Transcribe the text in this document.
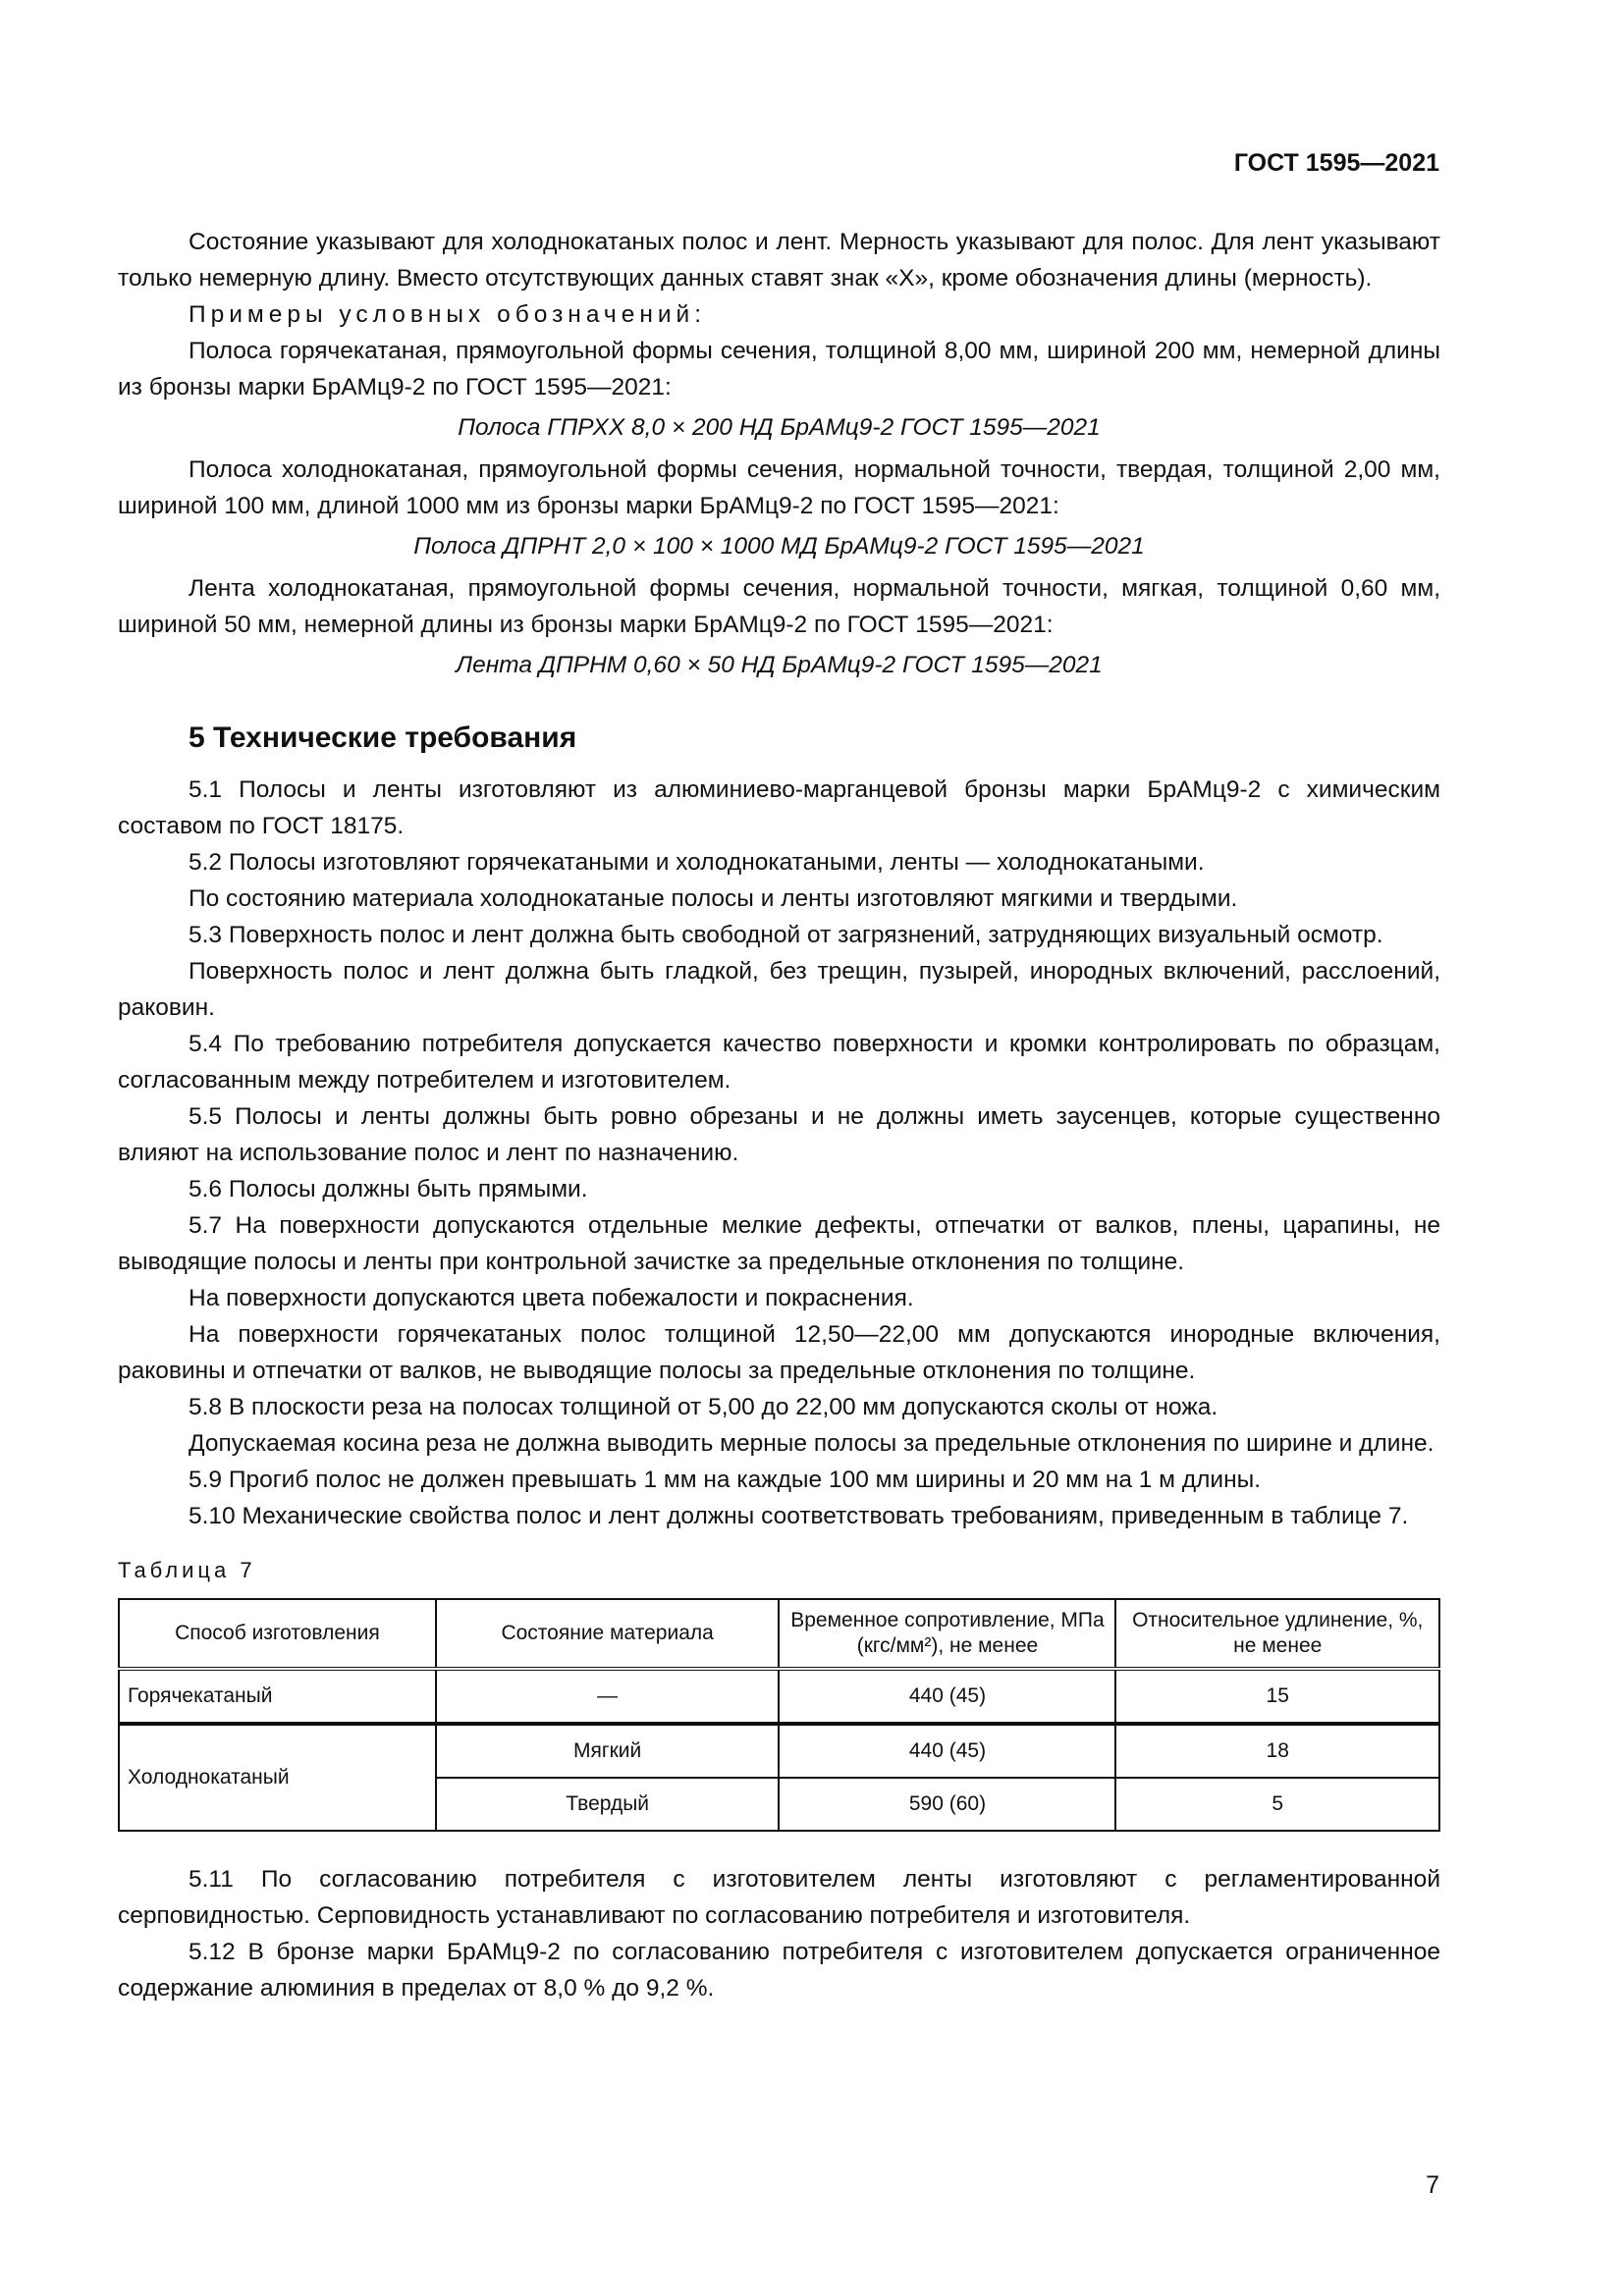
ГОСТ 1595—2021

Состояние указывают для холоднокатаных полос и лент. Мерность указывают для полос. Для лент указывают только немерную длину. Вместо отсутствующих данных ставят знак «Х», кроме обозначения длины (мерность).

Примеры условных обозначений:

Полоса горячекатаная, прямоугольной формы сечения, толщиной 8,00 мм, шириной 200 мм, немерной длины из бронзы марки БрАМц9-2 по ГОСТ 1595—2021:

Полоса ГПРХХ 8,0 × 200 НД БрАМц9-2 ГОСТ 1595—2021

Полоса холоднокатаная, прямоугольной формы сечения, нормальной точности, твердая, толщиной 2,00 мм, шириной 100 мм, длиной 1000 мм из бронзы марки БрАМц9-2 по ГОСТ 1595—2021:

Полоса ДПРНТ 2,0 × 100 × 1000 МД БрАМц9-2 ГОСТ 1595—2021

Лента холоднокатаная, прямоугольной формы сечения, нормальной точности, мягкая, толщиной 0,60 мм, шириной 50 мм, немерной длины из бронзы марки БрАМц9-2 по ГОСТ 1595—2021:

Лента ДПРНМ 0,60 × 50 НД БрАМц9-2 ГОСТ 1595—2021

5 Технические требования

5.1 Полосы и ленты изготовляют из алюминиево-марганцевой бронзы марки БрАМц9-2 с химическим составом по ГОСТ 18175.

5.2 Полосы изготовляют горячекатаными и холоднокатаными, ленты — холоднокатаными.

По состоянию материала холоднокатаные полосы и ленты изготовляют мягкими и твердыми.

5.3 Поверхность полос и лент должна быть свободной от загрязнений, затрудняющих визуальный осмотр.

Поверхность полос и лент должна быть гладкой, без трещин, пузырей, инородных включений, расслоений, раковин.

5.4 По требованию потребителя допускается качество поверхности и кромки контролировать по образцам, согласованным между потребителем и изготовителем.

5.5 Полосы и ленты должны быть ровно обрезаны и не должны иметь заусенцев, которые существенно влияют на использование полос и лент по назначению.

5.6 Полосы должны быть прямыми.

5.7 На поверхности допускаются отдельные мелкие дефекты, отпечатки от валков, плены, царапины, не выводящие полосы и ленты при контрольной зачистке за предельные отклонения по толщине.

На поверхности допускаются цвета побежалости и покраснения.

На поверхности горячекатаных полос толщиной 12,50—22,00 мм допускаются инородные включения, раковины и отпечатки от валков, не выводящие полосы за предельные отклонения по толщине.

5.8 В плоскости реза на полосах толщиной от 5,00 до 22,00 мм допускаются сколы от ножа.

Допускаемая косина реза не должна выводить мерные полосы за предельные отклонения по ширине и длине.

5.9 Прогиб полос не должен превышать 1 мм на каждые 100 мм ширины и 20 мм на 1 м длины.

5.10 Механические свойства полос и лент должны соответствовать требованиям, приведенным в таблице 7.

Таблица 7

Способ изготовления	Состояние материала	Временное сопротивление, МПа (кгс/мм²), не менее	Относительное удлинение, %, не менее
Горячекатаный	—	440 (45)	15
Холоднокатаный	Мягкий	440 (45)	18
	Твердый	590 (60)	5

5.11 По согласованию потребителя с изготовителем ленты изготовляют с регламентированной серповидностью. Серповидность устанавливают по согласованию потребителя и изготовителя.

5.12 В бронзе марки БрАМц9-2 по согласованию потребителя с изготовителем допускается ограниченное содержание алюминия в пределах от 8,0 % до 9,2 %.

7
